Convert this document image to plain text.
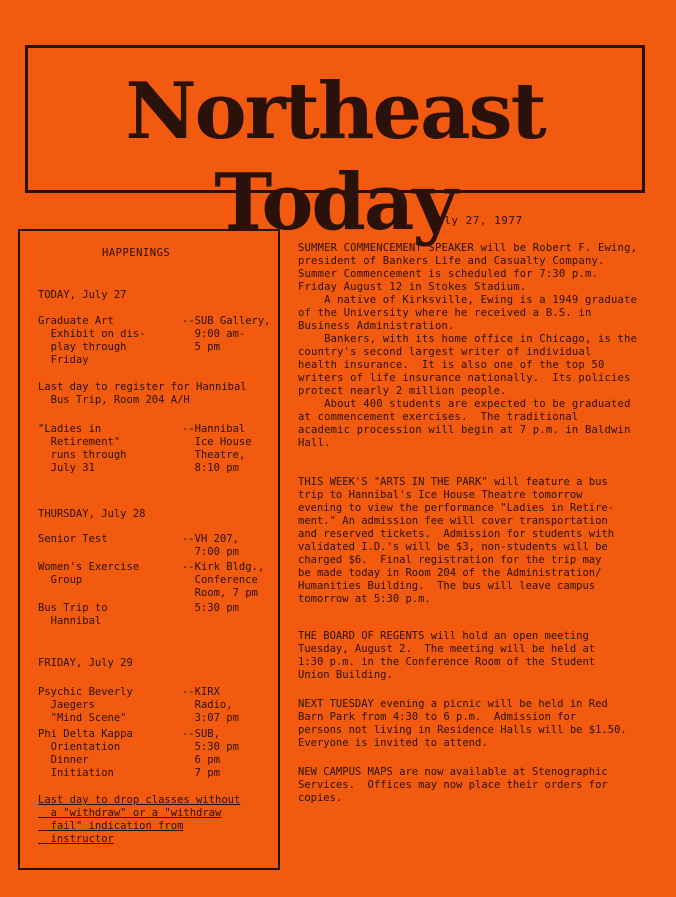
Northeast Today
July 27, 1977
HAPPENINGS
TODAY, July 27
Graduate Art
Exhibit on dis-
play through
Friday
--SUB Gallery,
9:00 am-
5 pm
Last day to register for Hannibal
Bus Trip, Room 204 A/H
"Ladies in
Retirement"
runs through
July 31
--Hannibal
Ice House
Theatre,
8:10 pm
THURSDAY, July 28
Senior Test	--VH 207,
7:00 pm
Women's Exercise
Group
--Kirk Bldg.,
Conference
Room, 7 pm
Bus Trip to
Hannibal
5:30 pm
FRIDAY, July 29
Psychic Beverly
Jaegers
"Mind Scene"
--KIRX
Radio,
3:07 pm
Phi Delta Kappa
Orientation
Dinner
Initiation
--SUB,
5:30 pm
6 pm
7 pm
Last day to drop classes without
a "withdraw" or a "withdraw
fail" indication from
instructor
SUMMER COMMENCEMENT SPEAKER will be Robert F. Ewing,
president of Bankers Life and Casualty Company.
Summer Commencement is scheduled for 7:30 p.m.
Friday August 12 in Stokes Stadium.
A native of Kirksville, Ewing is a 1949 graduate
of the University where he received a B.S. in
Business Administration.
Bankers, with its home office in Chicago, is the
country's second largest writer of individual
health insurance.  It is also one of the top 50
writers of life insurance nationally.  Its policies
protect nearly 2 million people.
About 400 students are expected to be graduated
at commencement exercises.  The traditional
academic procession will begin at 7 p.m. in Baldwin
Hall.
THIS WEEK'S "ARTS IN THE PARK" will feature a bus
trip to Hannibal's Ice House Theatre tomorrow
evening to view the performance "Ladies in Retire-
ment." An admission fee will cover transportation
and reserved tickets.  Admission for students with
validated I.D.'s will be $3, non-students will be
charged $6.  Final registration for the trip may
be made today in Room 204 of the Administration/
Humanities Building.  The bus will leave campus
tomorrow at 5:30 p.m.
THE BOARD OF REGENTS will hold an open meeting
Tuesday, August 2.  The meeting will be held at
1:30 p.m. in the Conference Room of the Student
Union Building.
NEXT TUESDAY evening a picnic will be held in Red
Barn Park from 4:30 to 6 p.m.  Admission for
persons not living in Residence Halls will be $1.50.
Everyone is invited to attend.
NEW CAMPUS MAPS are now available at Stenographic
Services.  Offices may now place their orders for
copies.
